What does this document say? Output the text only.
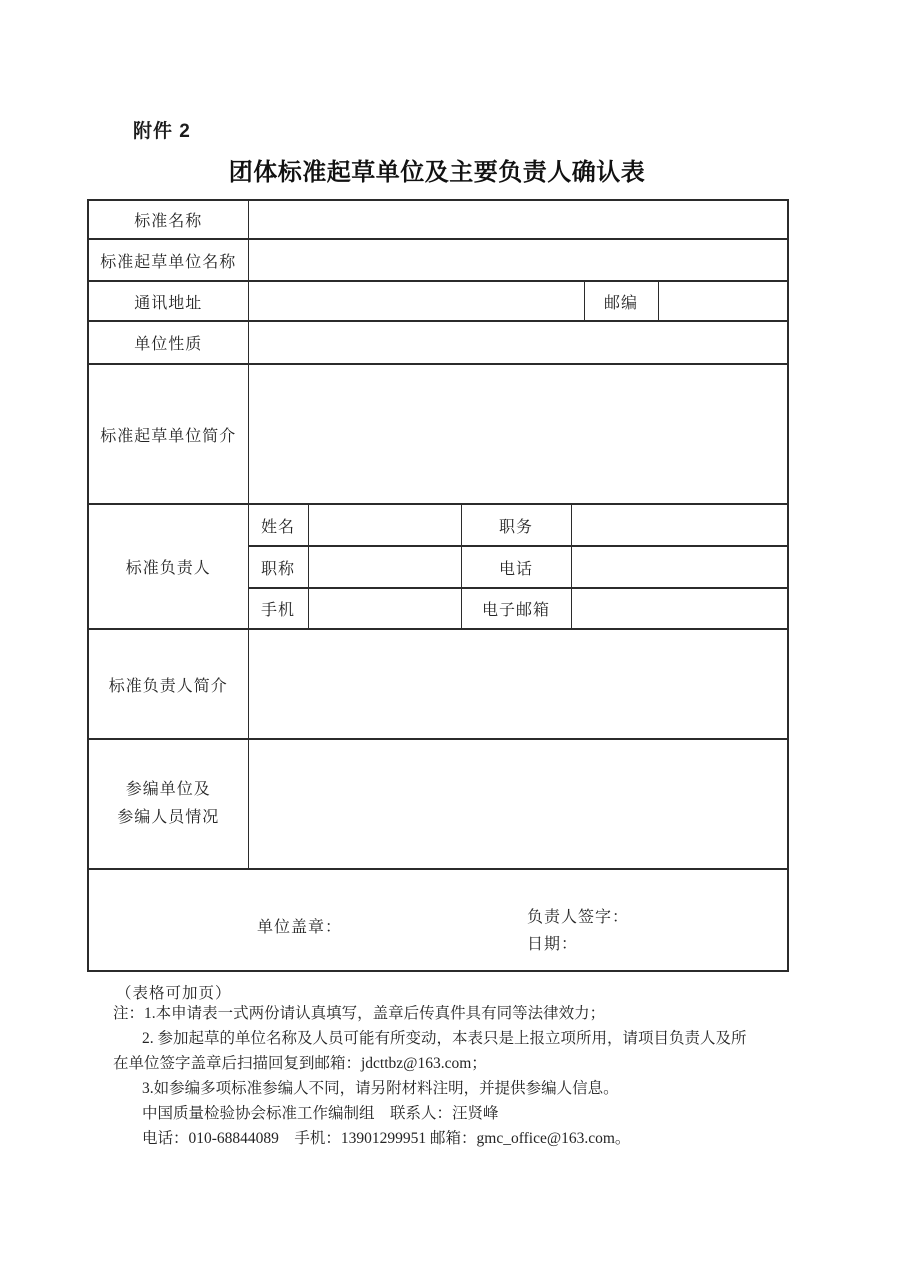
附件 2
团体标准起草单位及主要负责人确认表
标准名称						
标准起草单位名称						
通讯地址					邮编	
单位性质						
标准起草单位简介						
标准负责人	姓名		职务			
	职称		电话			
	手机		电子邮箱			
标准负责人简介						

参编单位及
参编人员情况						

单位盖章：
负责人签字：
日期：						
（表格可加页）
注：1.本申请表一式两份请认真填写，盖章后传真件具有同等法律效力；
2. 参加起草的单位名称及人员可能有所变动，本表只是上报立项所用，请项目负责人及所
在单位签字盖章后扫描回复到邮箱：jdcttbz@163.com；
3.如参编多项标准参编人不同，请另附材料注明，并提供参编人信息。
中国质量检验协会标准工作编制组　联系人：汪贤峰
电话：010-68844089　手机：13901299951 邮箱：gmc_office@163.com。
